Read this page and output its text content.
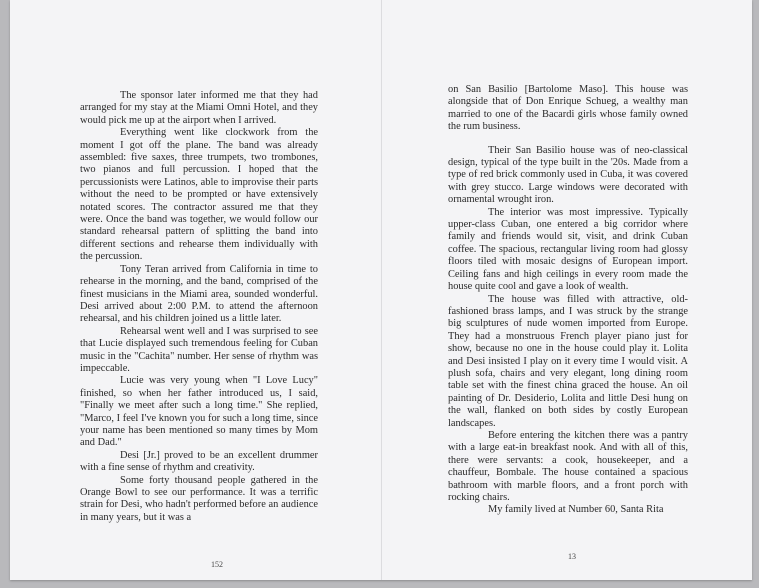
The sponsor later informed me that they had arranged for my stay at the Miami Omni Hotel, and they would pick me up at the airport when I arrived.

Everything went like clockwork from the moment I got off the plane. The band was already assembled: five saxes, three trumpets, two trombones, two pianos and full percussion. I hoped that the percussionists were Latinos, able to improvise their parts without the need to be prompted or have extensively notated scores. The contractor assured me that they were. Once the band was together, we would follow our standard rehearsal pattern of splitting the band into different sections and rehearse them individually with the percussion.

Tony Teran arrived from California in time to rehearse in the morning, and the band, comprised of the finest musicians in the Miami area, sounded wonderful. Desi arrived about 2:00 P.M. to attend the afternoon rehearsal, and his children joined us a little later.

Rehearsal went well and I was surprised to see that Lucie displayed such tremendous feeling for Cuban music in the "Cachita" number. Her sense of rhythm was impeccable.

Lucie was very young when "I Love Lucy" finished, so when her father introduced us, I said, "Finally we meet after such a long time." She replied, "Marco, I feel I've known you for such a long time, since your name has been mentioned so many times by Mom and Dad."

Desi [Jr.] proved to be an excellent drummer with a fine sense of rhythm and creativity.

Some forty thousand people gathered in the Orange Bowl to see our performance. It was a terrific strain for Desi, who hadn't performed before an audience in many years, but it was a

on San Basilio [Bartolome Maso]. This house was alongside that of Don Enrique Schueg, a wealthy man married to one of the Bacardi girls whose family owned the rum business.

Their San Basilio house was of neo-classical design, typical of the type built in the '20s. Made from a type of red brick commonly used in Cuba, it was covered with grey stucco. Large windows were decorated with ornamental wrought iron.

The interior was most impressive. Typically upper-class Cuban, one entered a big corridor where family and friends would sit, visit, and drink Cuban coffee. The spacious, rectangular living room had glossy floors tiled with mosaic designs of European import. Ceiling fans and high ceilings in every room made the house quite cool and gave a look of wealth.

The house was filled with attractive, old-fashioned brass lamps, and I was struck by the strange big sculptures of nude women imported from Europe. They had a monstruous French player piano just for show, because no one in the house could play it. Lolita and Desi insisted I play on it every time I would visit. A plush sofa, chairs and very elegant, long dining room table set with the finest china graced the house. An oil painting of Dr. Desiderio, Lolita and little Desi hung on the wall, flanked on both sides by costly European landscapes.

Before entering the kitchen there was a pantry with a large eat-in breakfast nook. And with all of this, there were servants: a cook, housekeeper, and a chauffeur, Bombale. The house contained a spacious bathroom with marble floors, and a front porch with rocking chairs.

My family lived at Number 60, Santa Rita

152
13
